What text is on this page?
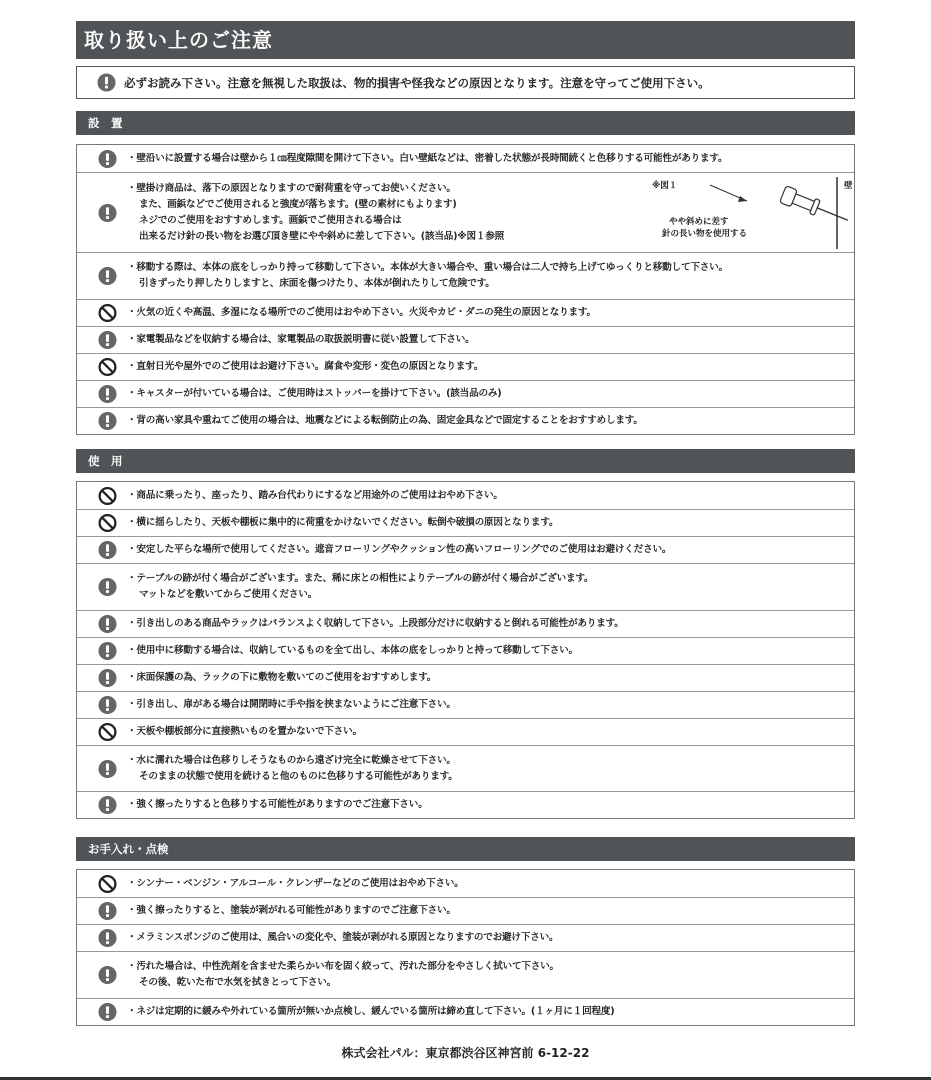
取り扱い上のご注意
必ずお読み下さい。注意を無視した取扱は、物的損害や怪我などの原因となります。注意を守ってご使用下さい。
設　置
・壁沿いに設置する場合は壁から１㎝程度隙間を開けて下さい。白い壁紙などは、密着した状態が長時間続くと色移りする可能性があります。
・壁掛け商品は、落下の原因となりますので耐荷重を守ってお使いください。
また、画鋲などでご使用されると強度が落ちます。(壁の素材にもよります)
ネジでのご使用をおすすめします。画鋲でご使用される場合は
出来るだけ針の長い物をお選び頂き壁にやや斜めに差して下さい。(該当品)※図１参照
※図１	壁
やや斜めに差す
針の長い物を使用する
・移動する際は、本体の底をしっかり持って移動して下さい。本体が大きい場合や、重い場合は二人で持ち上げてゆっくりと移動して下さい。
引きずったり押したりしますと、床面を傷つけたり、本体が倒れたりして危険です。
・火気の近くや高温、多湿になる場所でのご使用はおやめ下さい。火災やカビ・ダニの発生の原因となります。
・家電製品などを収納する場合は、家電製品の取扱説明書に従い設置して下さい。
・直射日光や屋外でのご使用はお避け下さい。腐食や変形・変色の原因となります。
・キャスターが付いている場合は、ご使用時はストッパーを掛けて下さい。(該当品のみ)
・背の高い家具や重ねてご使用の場合は、地震などによる転倒防止の為、固定金具などで固定することをおすすめします。
使　用
・商品に乗ったり、座ったり、踏み台代わりにするなど用途外のご使用はおやめ下さい。
・横に揺らしたり、天板や棚板に集中的に荷重をかけないでください。転倒や破損の原因となります。
・安定した平らな場所で使用してください。遮音フローリングやクッション性の高いフローリングでのご使用はお避けください。
・テーブルの跡が付く場合がございます。また、稀に床との相性によりテーブルの跡が付く場合がございます。
マットなどを敷いてからご使用ください。
・引き出しのある商品やラックはバランスよく収納して下さい。上段部分だけに収納すると倒れる可能性があります。
・使用中に移動する場合は、収納しているものを全て出し、本体の底をしっかりと持って移動して下さい。
・床面保護の為、ラックの下に敷物を敷いてのご使用をおすすめします。
・引き出し、扉がある場合は開閉時に手や指を挟まないようにご注意下さい。
・天板や棚板部分に直接熱いものを置かないで下さい。
・水に濡れた場合は色移りしそうなものから遠ざけ完全に乾燥させて下さい。
そのままの状態で使用を続けると他のものに色移りする可能性があります。
・強く擦ったりすると色移りする可能性がありますのでご注意下さい。
お手入れ・点検
・シンナー・ベンジン・アルコール・クレンザーなどのご使用はおやめ下さい。
・強く擦ったりすると、塗装が剥がれる可能性がありますのでご注意下さい。
・メラミンスポンジのご使用は、風合いの変化や、塗装が剥がれる原因となりますのでお避け下さい。
・汚れた場合は、中性洗剤を含ませた柔らかい布を固く絞って、汚れた部分をやさしく拭いて下さい。
その後、乾いた布で水気を拭きとって下さい。
・ネジは定期的に緩みや外れている箇所が無いか点検し、緩んでいる箇所は締め直して下さい。(１ヶ月に１回程度)
株式会社パル：東京都渋谷区神宮前 6-12-22
